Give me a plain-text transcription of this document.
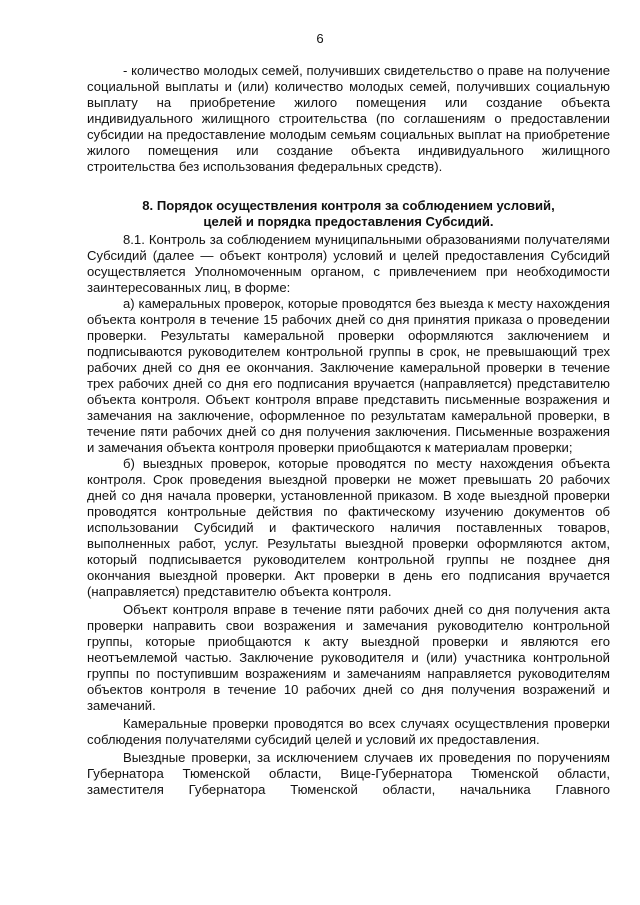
6

- количество молодых семей, получивших свидетельство о праве на получение социальной выплаты и (или) количество молодых семей, получивших социальную выплату на приобретение жилого помещения или создание объекта индивидуального жилищного строительства (по соглашениям о предоставлении субсидии на предоставление молодым семьям социальных выплат на приобретение жилого помещения или создание объекта индивидуального жилищного строительства без использования федеральных средств).

8. Порядок осуществления контроля за соблюдением условий,
целей и порядка предоставления Субсидий.

8.1. Контроль за соблюдением муниципальными образованиями получателями Субсидий (далее — объект контроля) условий и целей предоставления Субсидий осуществляется Уполномоченным органом, с привлечением при необходимости заинтересованных лиц, в форме:

а) камеральных проверок, которые проводятся без выезда к месту нахождения объекта контроля в течение 15 рабочих дней со дня принятия приказа о проведении проверки. Результаты камеральной проверки оформляются заключением и подписываются руководителем контрольной группы в срок, не превышающий трех рабочих дней со дня ее окончания. Заключение камеральной проверки в течение трех рабочих дней со дня его подписания вручается (направляется) представителю объекта контроля. Объект контроля вправе представить письменные возражения и замечания на заключение, оформленное по результатам камеральной проверки, в течение пяти рабочих дней со дня получения заключения. Письменные возражения и замечания объекта контроля проверки приобщаются к материалам проверки;

б) выездных проверок, которые проводятся по месту нахождения объекта контроля. Срок проведения выездной проверки не может превышать 20 рабочих дней со дня начала проверки, установленной приказом. В ходе выездной проверки проводятся контрольные действия по фактическому изучению документов об использовании Субсидий и фактического наличия поставленных товаров, выполненных работ, услуг. Результаты выездной проверки оформляются актом, который подписывается руководителем контрольной группы не позднее дня окончания выездной проверки. Акт проверки в день его подписания вручается (направляется) представителю объекта контроля.

Объект контроля вправе в течение пяти рабочих дней со дня получения акта проверки направить свои возражения и замечания руководителю контрольной группы, которые приобщаются к акту выездной проверки и являются его неотъемлемой частью. Заключение руководителя и (или) участника контрольной группы по поступившим возражениям и замечаниям направляется руководителям объектов контроля в течение 10 рабочих дней со дня получения возражений и замечаний.

Камеральные проверки проводятся во всех случаях осуществления проверки соблюдения получателями субсидий целей и условий их предоставления.

Выездные проверки, за исключением случаев их проведения по поручениям Губернатора Тюменской области, Вице-Губернатора Тюменской области, заместителя Губернатора Тюменской области, начальника Главного
